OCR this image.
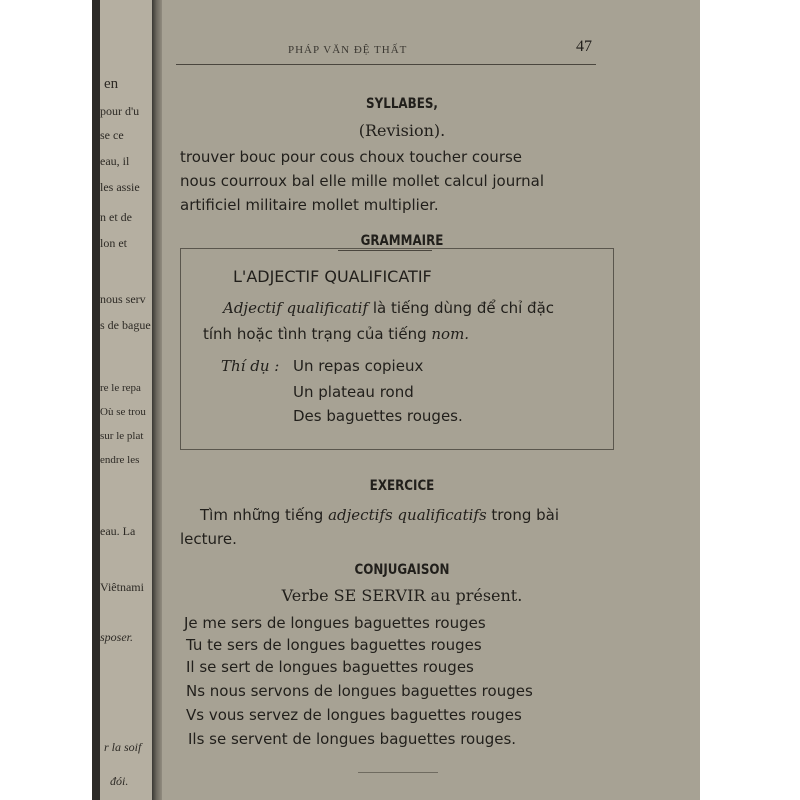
en
pour d'u
se ce
eau, il
les assie
n et de
lon et
nous serv
s de bague
re le repa
Où se trou
sur le plat
endre les
eau. La
Viêtnami
sposer.
r la soif
đói.
PHÁP VĂN ĐỆ THẤT	47
SYLLABES,
(Revision).
trouver bouc pour cous choux toucher course
nous courroux bal elle mille mollet calcul journal
artificiel militaire mollet multiplier.
GRAMMAIRE
L'ADJECTIF QUALIFICATIF
Adjectif qualificatif là tiếng dùng để chỉ đặc
tính hoặc tình trạng của tiếng nom.
Thí dụ : Un repas copieux
Un plateau rond
Des baguettes rouges.
EXERCICE
Tìm những tiếng adjectifs qualificatifs trong bài
lecture.
CONJUGAISON
Verbe SE SERVIR au présent.
Je me sers de longues baguettes rouges
Tu te sers de longues baguettes rouges
Il se sert de longues baguettes rouges
Ns nous servons de longues baguettes rouges
Vs vous servez de longues baguettes rouges
Ils se servent de longues baguettes rouges.
